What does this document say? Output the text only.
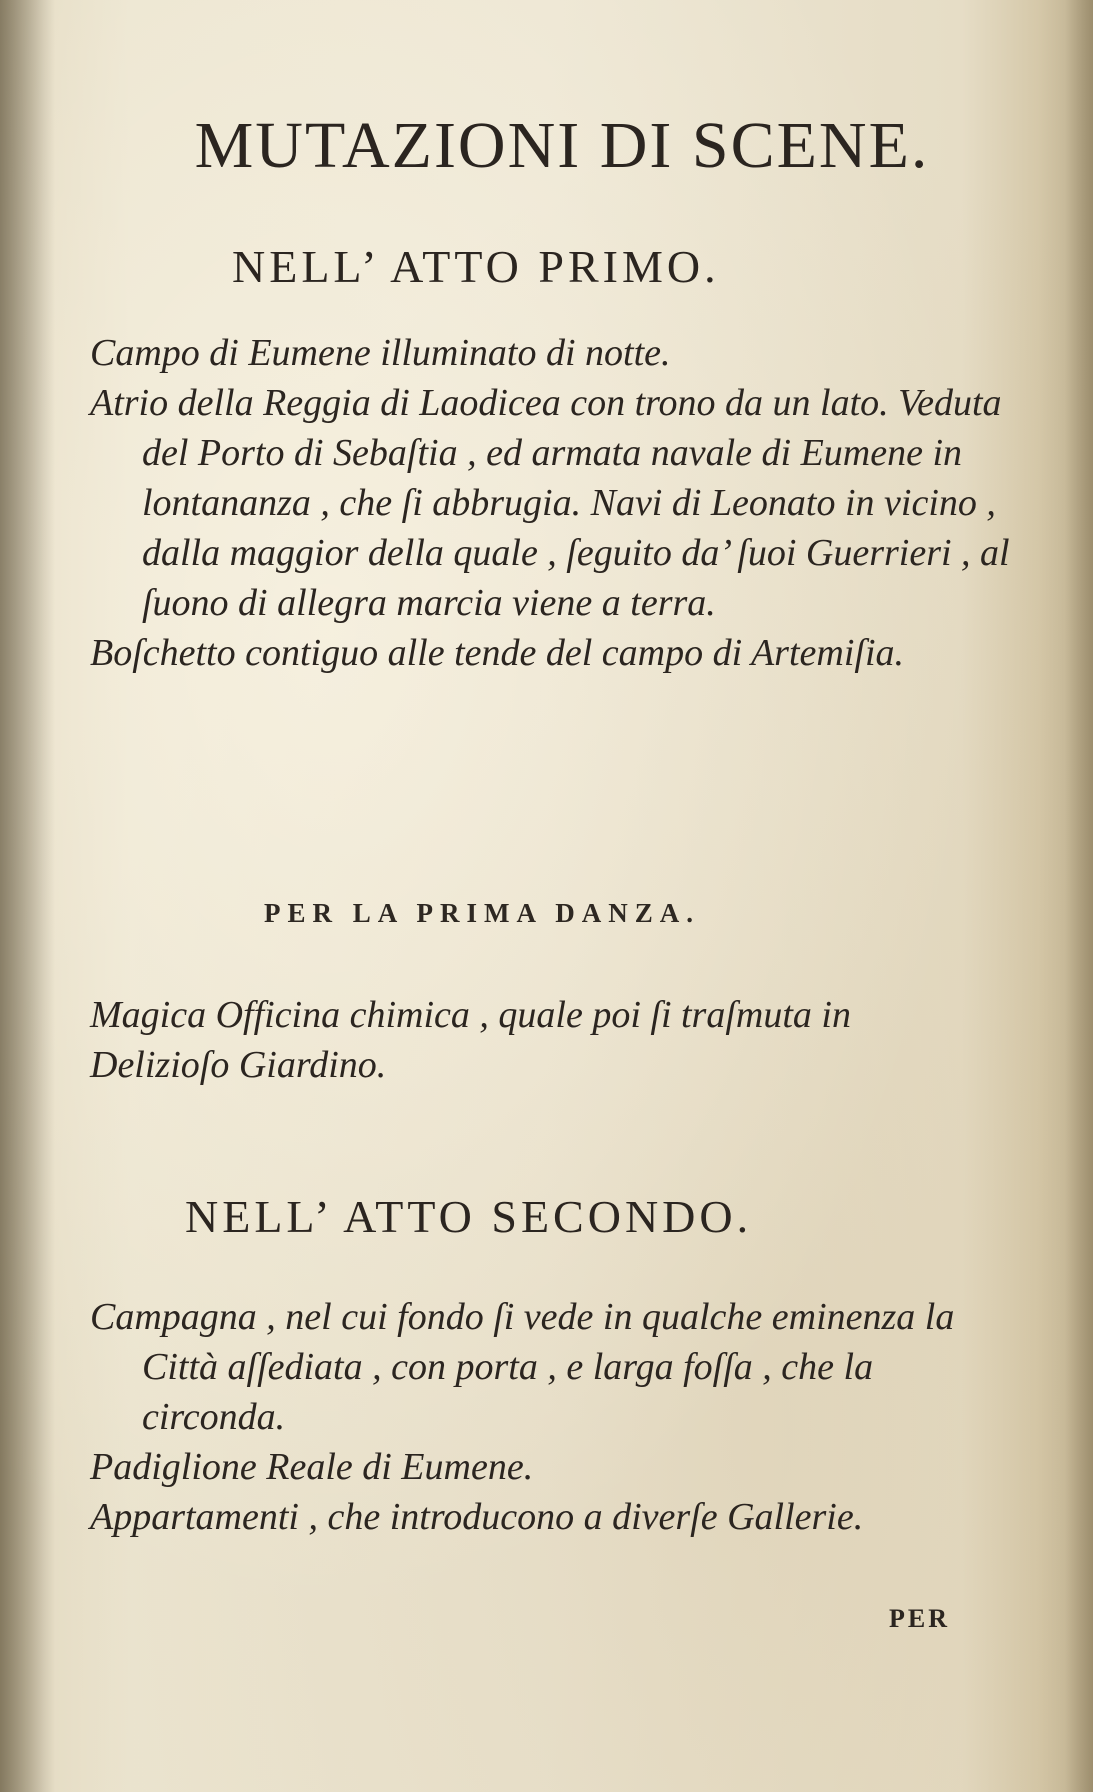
MUTAZIONI DI SCENE.
NELL’ ATTO PRIMO.
Campo di Eumene illuminato di notte.
Atrio della Reggia di Laodicea con trono da un lato. Veduta del Porto di Sebaſtia , ed armata navale di Eumene in lontananza , che ſi abbrugia. Navi di Leonato in vicino , dalla maggior della quale , ſeguito da’ ſuoi Guerrieri , al ſuono di allegra marcia viene a terra.
Boſchetto contiguo alle tende del campo di Artemiſia.
PER LA PRIMA DANZA.
Magica Officina chimica , quale poi ſi traſmuta in
Delizioſo Giardino.
NELL’ ATTO SECONDO.
Campagna , nel cui fondo ſi vede in qualche eminenza la Città aſſediata , con porta , e larga foſſa , che la circonda.
Padiglione Reale di Eumene.
Appartamenti , che introducono a diverſe Gallerie.

PER
